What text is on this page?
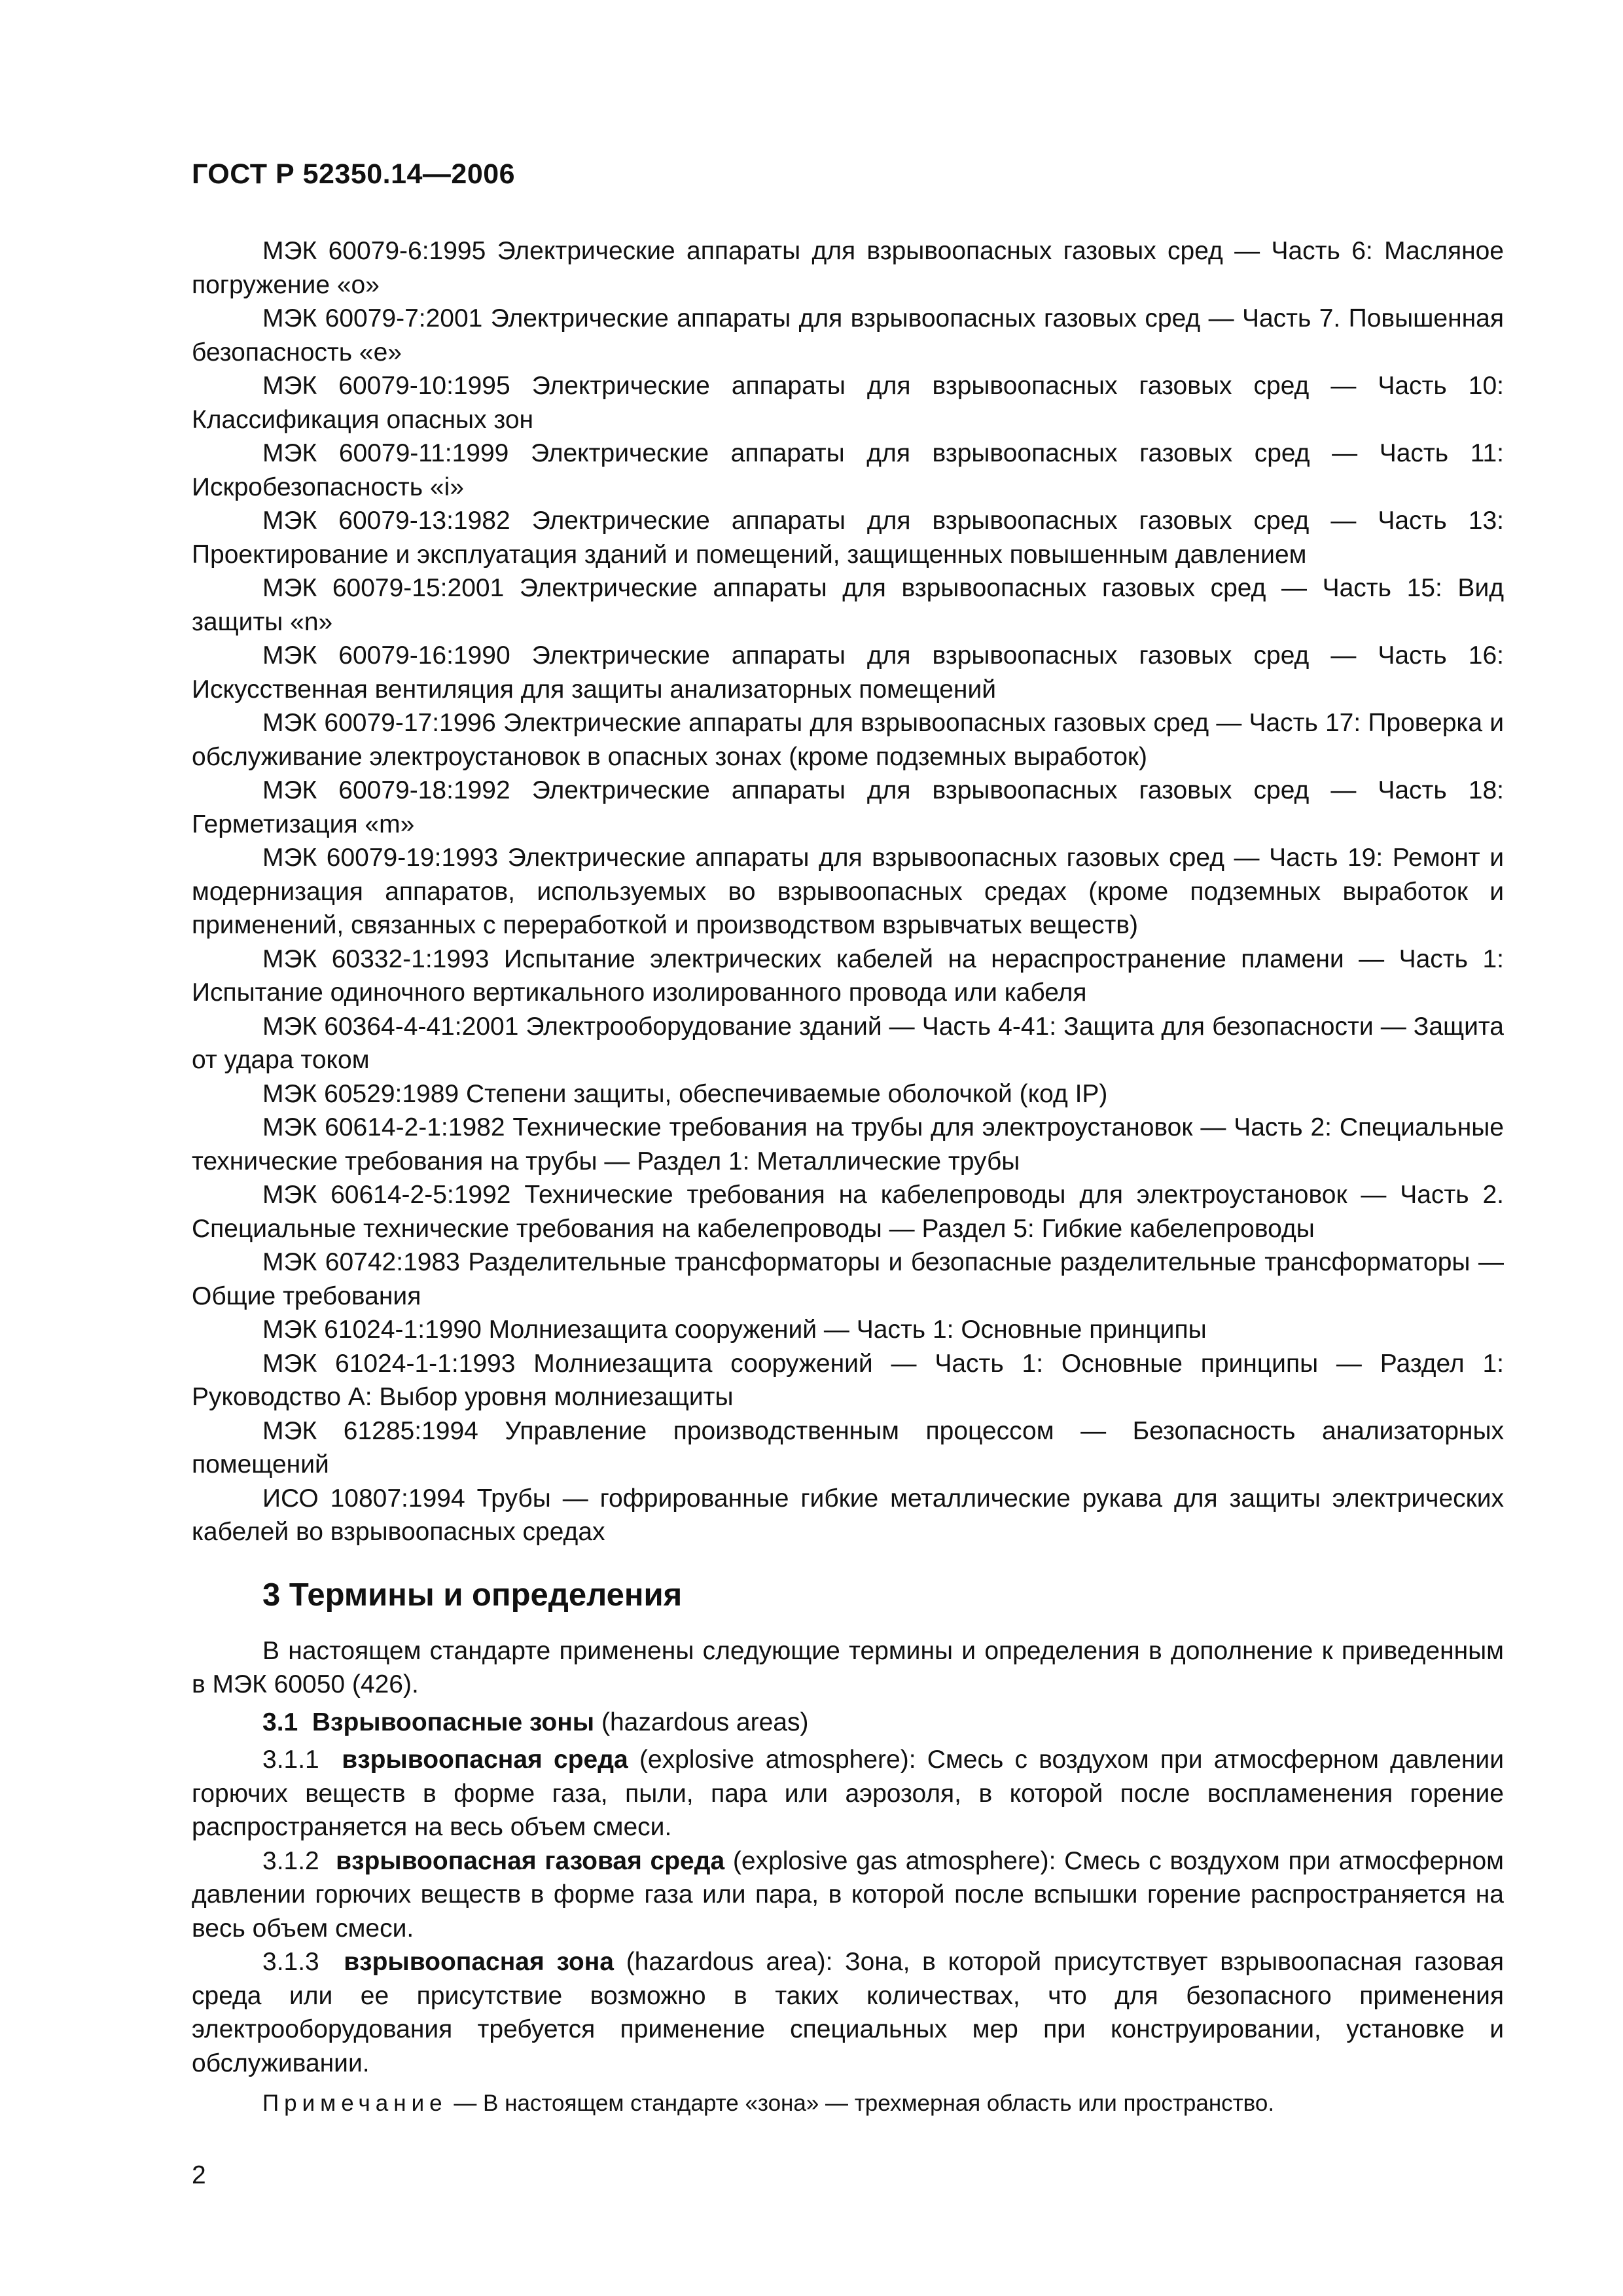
ГОСТ Р 52350.14—2006

МЭК 60079-6:1995 Электрические аппараты для взрывоопасных газовых сред — Часть 6: Масляное погружение «о»

МЭК 60079-7:2001 Электрические аппараты для взрывоопасных газовых сред — Часть 7. Повышенная безопасность «е»

МЭК 60079-10:1995 Электрические аппараты для взрывоопасных газовых сред — Часть 10: Классификация опасных зон

МЭК 60079-11:1999 Электрические аппараты для взрывоопасных газовых сред — Часть 11: Искробезопасность «i»

МЭК 60079-13:1982 Электрические аппараты для взрывоопасных газовых сред — Часть 13: Проектирование и эксплуатация зданий и помещений, защищенных повышенным давлением

МЭК 60079-15:2001 Электрические аппараты для взрывоопасных газовых сред — Часть 15: Вид защиты «n»

МЭК 60079-16:1990 Электрические аппараты для взрывоопасных газовых сред — Часть 16: Искусственная вентиляция для защиты анализаторных помещений

МЭК 60079-17:1996 Электрические аппараты для взрывоопасных газовых сред — Часть 17: Проверка и обслуживание электроустановок в опасных зонах (кроме подземных выработок)

МЭК 60079-18:1992 Электрические аппараты для взрывоопасных газовых сред — Часть 18: Герметизация «m»

МЭК 60079-19:1993 Электрические аппараты для взрывоопасных газовых сред — Часть 19: Ремонт и модернизация аппаратов, используемых во взрывоопасных средах (кроме подземных выработок и применений, связанных с переработкой и производством взрывчатых веществ)

МЭК 60332-1:1993 Испытание электрических кабелей на нераспространение пламени — Часть 1: Испытание одиночного вертикального изолированного провода или кабеля

МЭК 60364-4-41:2001 Электрооборудование зданий — Часть 4-41: Защита для безопасности — Защита от удара током

МЭК 60529:1989 Степени защиты, обеспечиваемые оболочкой (код IP)

МЭК 60614-2-1:1982 Технические требования на трубы для электроустановок — Часть 2: Специальные технические требования на трубы — Раздел 1: Металлические трубы

МЭК 60614-2-5:1992 Технические требования на кабелепроводы для электроустановок — Часть 2. Специальные технические требования на кабелепроводы — Раздел 5: Гибкие кабелепроводы

МЭК 60742:1983 Разделительные трансформаторы и безопасные разделительные трансформаторы — Общие требования

МЭК 61024-1:1990 Молниезащита сооружений — Часть 1: Основные принципы

МЭК 61024-1-1:1993 Молниезащита сооружений — Часть 1: Основные принципы — Раздел 1: Руководство А: Выбор уровня молниезащиты

МЭК 61285:1994 Управление производственным процессом — Безопасность анализаторных помещений

ИСО 10807:1994 Трубы — гофрированные гибкие металлические рукава для защиты электрических кабелей во взрывоопасных средах

3 Термины и определения

В настоящем стандарте применены следующие термины и определения в дополнение к приведенным в МЭК 60050 (426).

3.1 Взрывоопасные зоны (hazardous areas)

3.1.1 взрывоопасная среда (explosive atmosphere): Смесь с воздухом при атмосферном давлении горючих веществ в форме газа, пыли, пара или аэрозоля, в которой после воспламенения горение распространяется на весь объем смеси.

3.1.2 взрывоопасная газовая среда (explosive gas atmosphere): Смесь с воздухом при атмосферном давлении горючих веществ в форме газа или пара, в которой после вспышки горение распространяется на весь объем смеси.

3.1.3 взрывоопасная зона (hazardous area): Зона, в которой присутствует взрывоопасная газовая среда или ее присутствие возможно в таких количествах, что для безопасного применения электрооборудования требуется применение специальных мер при конструировании, установке и обслуживании.

Примечание — В настоящем стандарте «зона» — трехмерная область или пространство.

2
